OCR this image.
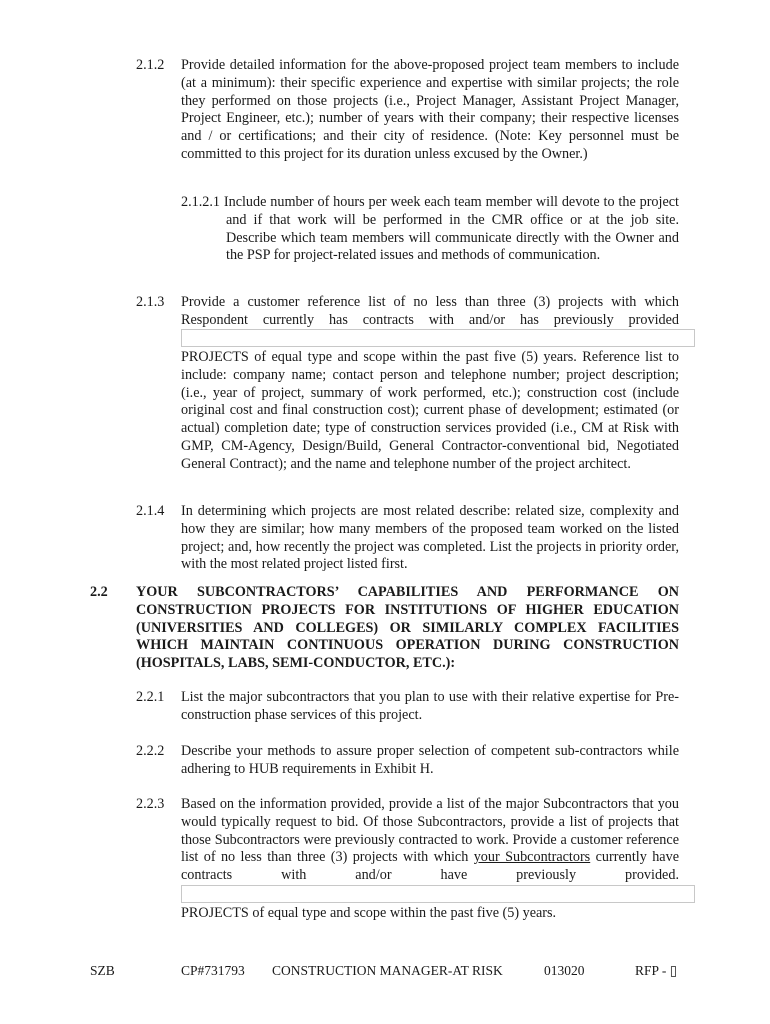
2.1.2 Provide detailed information for the above-proposed project team members to include (at a minimum): their specific experience and expertise with similar projects; the role they performed on those projects (i.e., Project Manager, Assistant Project Manager, Project Engineer, etc.); number of years with their company; their respective licenses and / or certifications; and their city of residence. (Note: Key personnel must be committed to this project for its duration unless excused by the Owner.)
2.1.2.1 Include number of hours per week each team member will devote to the project and if that work will be performed in the CMR office or at the job site. Describe which team members will communicate directly with the Owner and the PSP for project-related issues and methods of communication.
2.1.3 Provide a customer reference list of no less than three (3) projects with which Respondent currently has contracts with and/or has previously provided
PROJECTS of equal type and scope within the past five (5) years. Reference list to include: company name; contact person and telephone number; project description; (i.e., year of project, summary of work performed, etc.); construction cost (include original cost and final construction cost); current phase of development; estimated (or actual) completion date; type of construction services provided (i.e., CM at Risk with GMP, CM-Agency, Design/Build, General Contractor-conventional bid, Negotiated General Contract); and the name and telephone number of the project architect.
2.1.4 In determining which projects are most related describe: related size, complexity and how they are similar; how many members of the proposed team worked on the listed project; and, how recently the project was completed. List the projects in priority order, with the most related project listed first.
2.2 YOUR SUBCONTRACTORS’ CAPABILITIES AND PERFORMANCE ON CONSTRUCTION PROJECTS FOR INSTITUTIONS OF HIGHER EDUCATION (UNIVERSITIES AND COLLEGES) OR SIMILARLY COMPLEX FACILITIES WHICH MAINTAIN CONTINUOUS OPERATION DURING CONSTRUCTION (HOSPITALS, LABS, SEMI-CONDUCTOR, ETC.):
2.2.1 List the major subcontractors that you plan to use with their relative expertise for Pre-construction phase services of this project.
2.2.2 Describe your methods to assure proper selection of competent sub-contractors while adhering to HUB requirements in Exhibit H.
2.2.3 Based on the information provided, provide a list of the major Subcontractors that you would typically request to bid. Of those Subcontractors, provide a list of projects that those Subcontractors were previously contracted to work. Provide a customer reference list of no less than three (3) projects with which your Subcontractors currently have contracts with and/or have previously provided.
PROJECTS of equal type and scope within the past five (5) years.
SZB	CP#731793 CONSTRUCTION MANAGER-AT RISK	013020	RFP - ▯
